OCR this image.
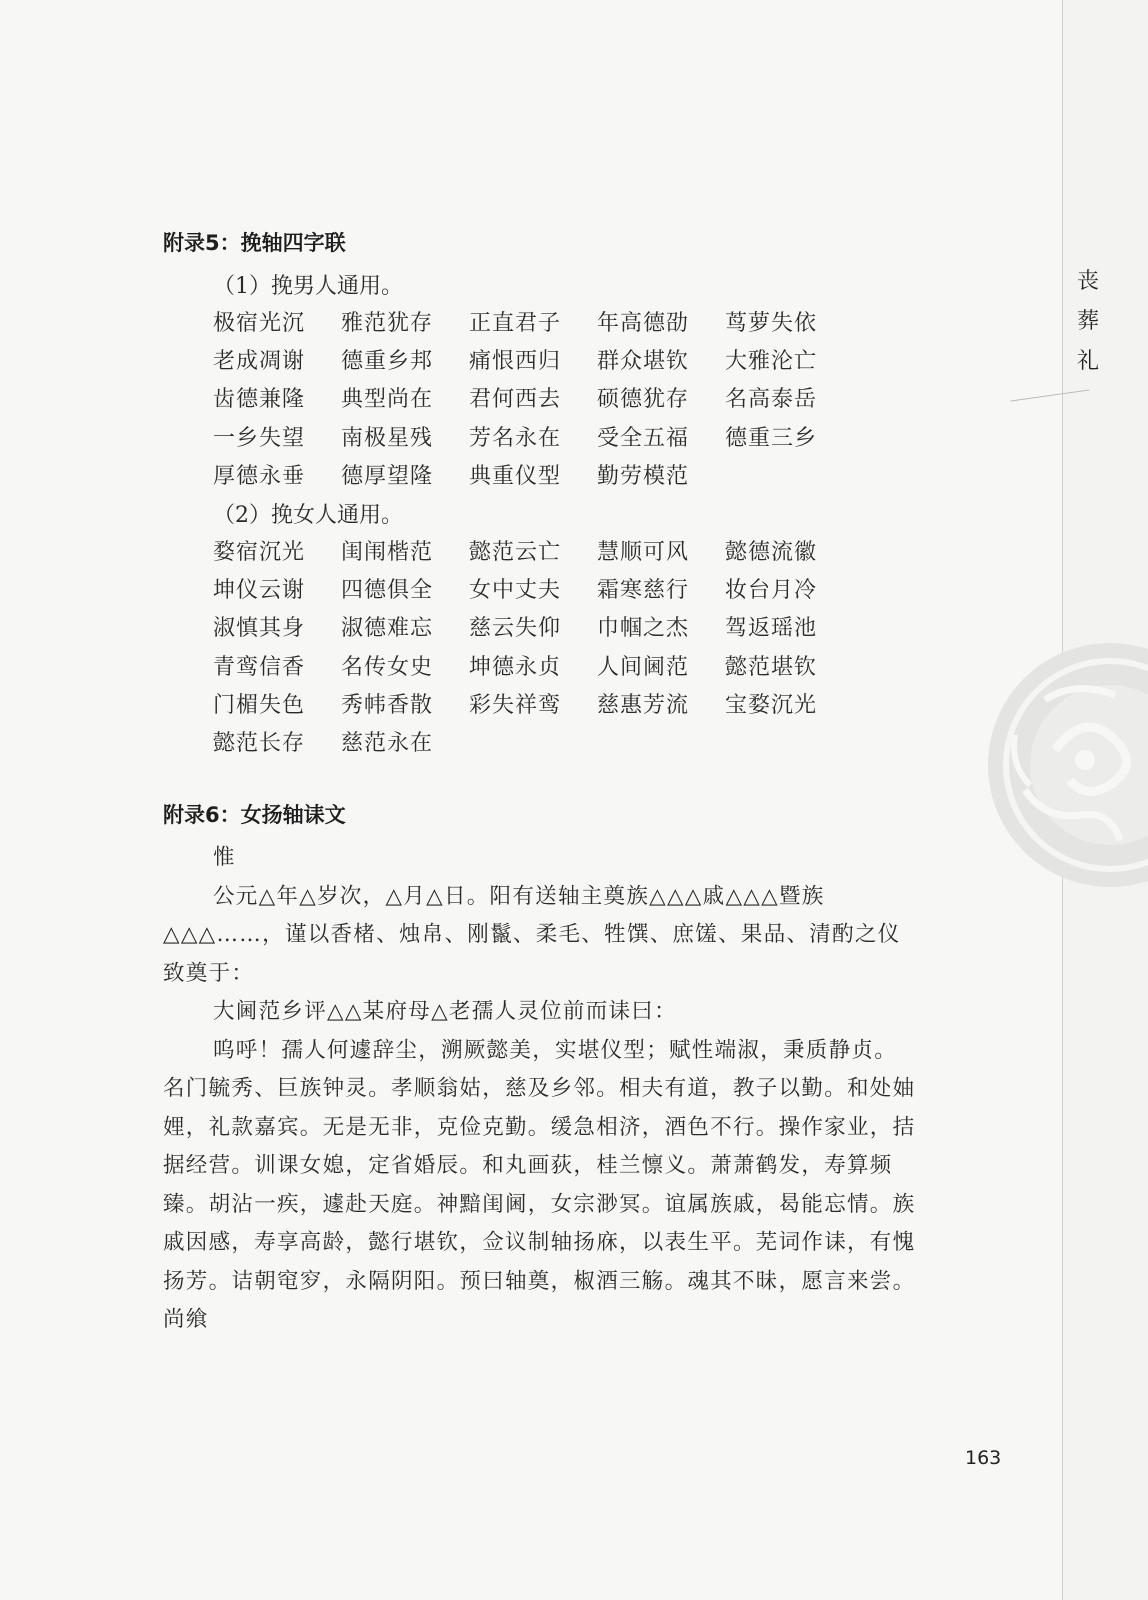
丧
葬
礼
附录5：挽轴四字联
（1）挽男人通用。
极宿光沉	雅范犹存	正直君子	年高德劭	茑萝失依
老成凋谢	德重乡邦	痛恨西归	群众堪钦	大雅沦亡
齿德兼隆	典型尚在	君何西去	硕德犹存	名高泰岳
一乡失望	南极星残	芳名永在	受全五福	德重三乡
厚德永垂	德厚望隆	典重仪型	勤劳模范
（2）挽女人通用。
婺宿沉光	闺闱楷范	懿范云亡	慧顺可风	懿德流徽
坤仪云谢	四德俱全	女中丈夫	霜寒慈行	妆台月冷
淑慎其身	淑德难忘	慈云失仰	巾帼之杰	驾返瑶池
青鸾信香	名传女史	坤德永贞	人间阃范	懿范堪钦
门楣失色	秀帏香散	彩失祥鸾	慈惠芳流	宝婺沉光
懿范长存	慈范永在
附录6：女扬轴诔文

惟

公元△年△岁次，△月△日。阳有送轴主奠族△△△戚△△△暨族△△△……，谨以香楮、烛帛、刚鬣、柔毛、牲馔、庶馐、果品、清酌之仪致奠于：

大阃范乡评△△某府母△老孺人灵位前而诔曰：

呜呼！孺人何遽辞尘，溯厥懿美，实堪仪型；赋性端淑，秉质静贞。名门毓秀、巨族钟灵。孝顺翁姑，慈及乡邻。相夫有道，教子以勤。和处妯娌，礼款嘉宾。无是无非，克俭克勤。缓急相济，酒色不行。操作家业，拮据经营。训课女媳，定省婚辰。和丸画荻，桂兰懔义。萧萧鹤发，寿算频臻。胡沾一疾，遽赴天庭。神黯闺阃，女宗渺冥。谊属族戚，曷能忘情。族戚因感，寿享高龄，懿行堪钦，佥议制轴扬庥，以表生平。芜词作诔，有愧扬芳。诘朝窀穸，永隔阴阳。预曰轴奠，椒酒三觞。魂其不昧，愿言来尝。尚飨

163
